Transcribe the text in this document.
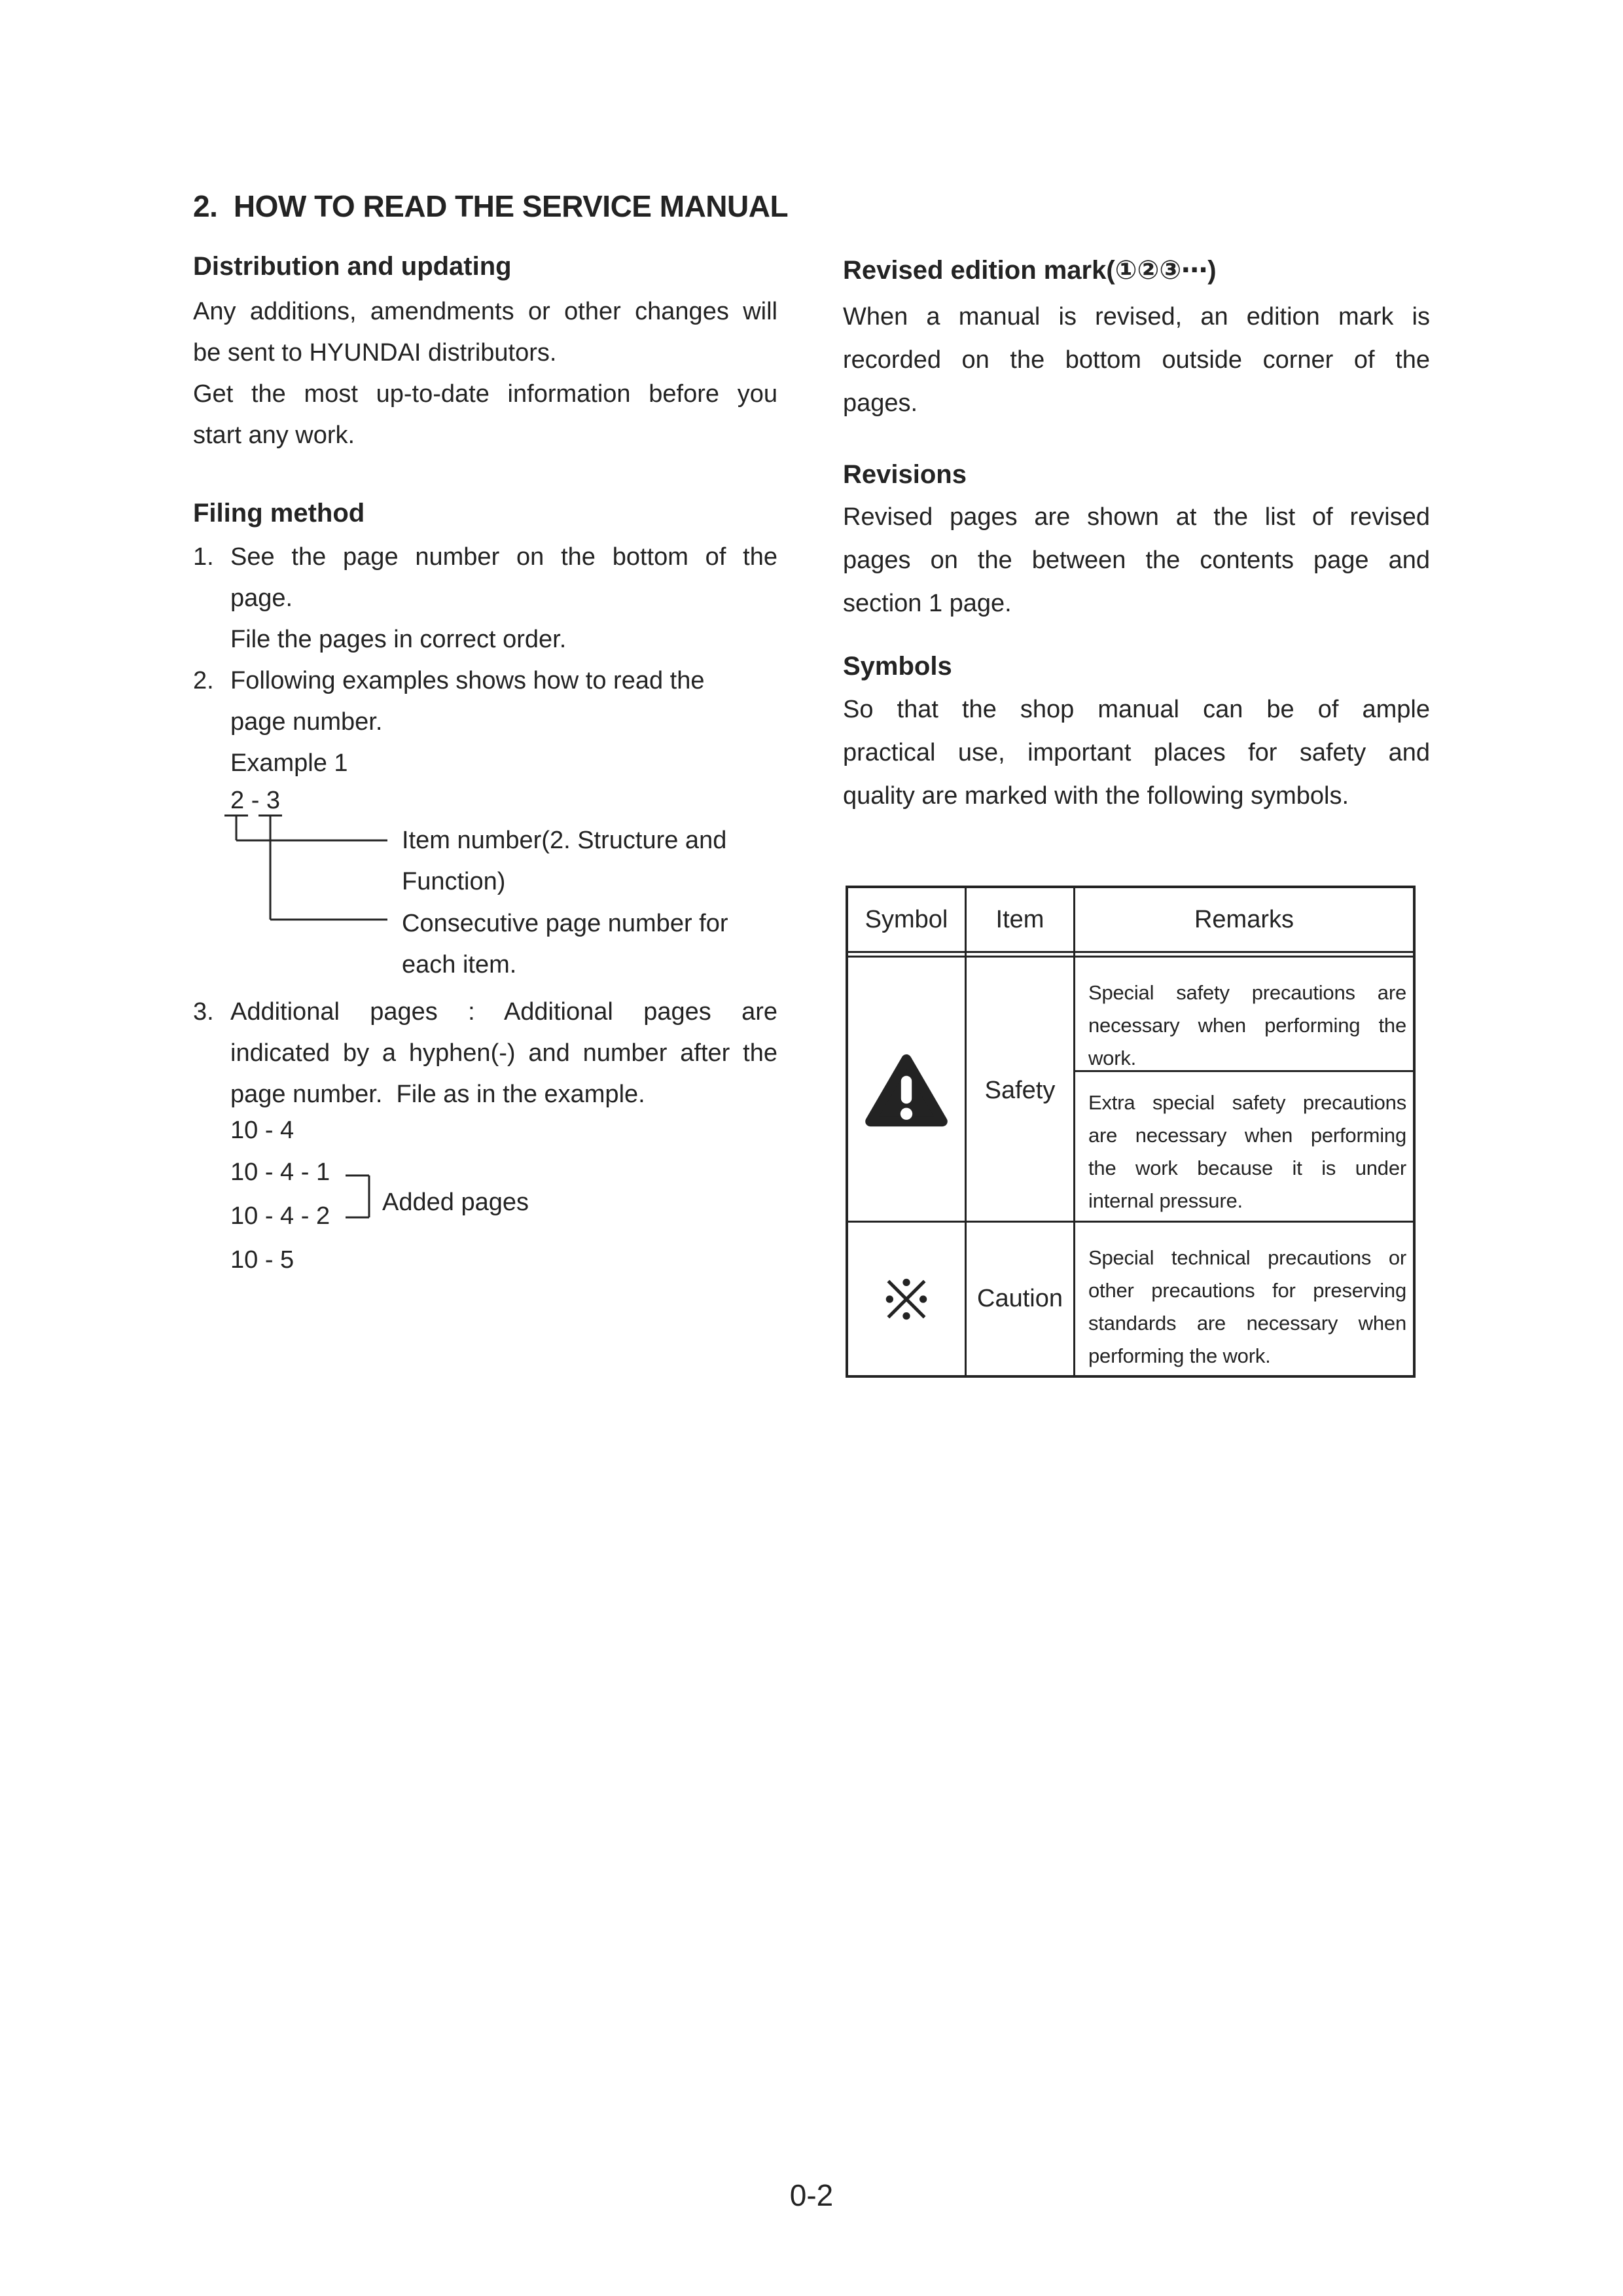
2.  HOW TO READ THE SERVICE MANUAL
Distribution and updating
Any additions, amendments or other changes will
be sent to HYUNDAI distributors.
Get the most up-to-date information before you
start any work.
Filing method
1. See the page number on the bottom of the
page.
File the pages in correct order.
2. Following examples shows how to read the
page number.
Example 1
2 - 3
Item number(2. Structure and
Function)
Consecutive page number for
each item.
3. Additional pages : Additional pages are
indicated by a hyphen(-) and number after the
page number.  File as in the example.
10 - 4
10 - 4 - 1
10 - 4 - 2
10 - 5
Added pages
Revised edition mark(①②③⋯)
When a manual is revised, an edition mark is
recorded on the bottom outside corner of the
pages.
Revisions
Revised pages are shown at the list of revised
pages on the between the contents page and
section 1 page.
Symbols
So that the shop manual can be of ample
practical use, important places for safety and
quality are marked with the following symbols.
Symbol	Item	Remarks
Safety
Special safety precautions are
necessary when performing the
work.
Extra special safety precautions
are necessary when performing
the work because it is under
internal pressure.
Caution
Special technical precautions or
other precautions for preserving
standards are necessary when
performing the work.
0-2
